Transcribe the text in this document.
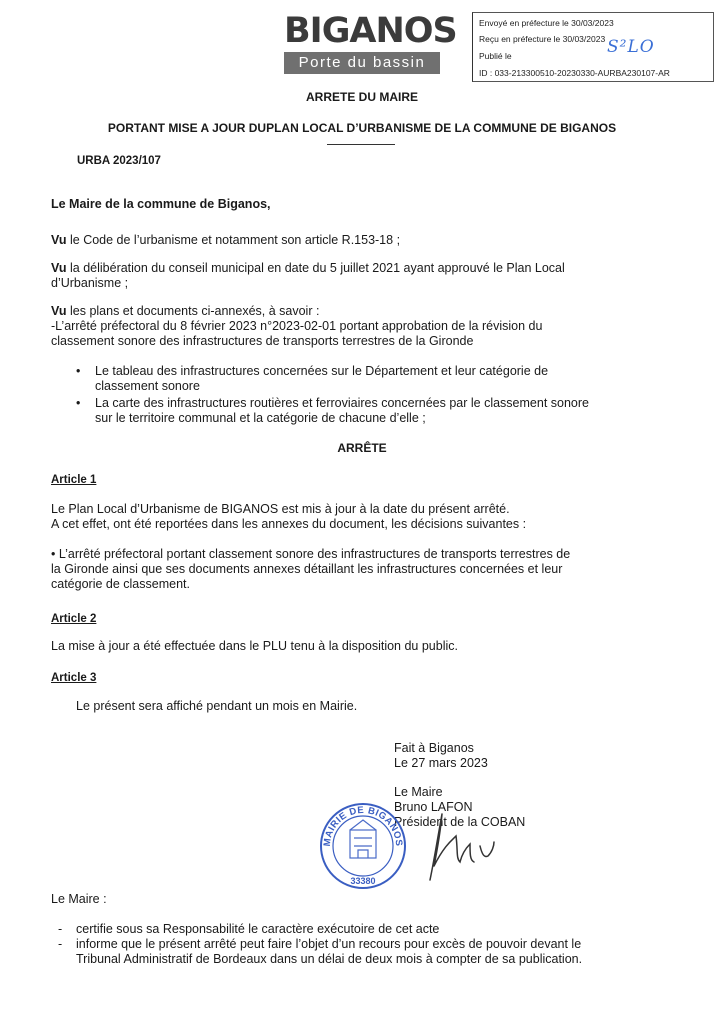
BIGANOS
Porte du bassin
Envoyé en préfecture le 30/03/2023
Reçu en préfecture le 30/03/2023
Publié le
ID : 033-213300510-20230330-AURBA230107-AR
S²LO
ARRETE DU MAIRE
PORTANT MISE A JOUR DUPLAN LOCAL D’URBANISME DE LA COMMUNE DE BIGANOS
URBA 2023/107
Le Maire de la commune de Biganos,
Vu le Code de l’urbanisme et notamment son article R.153-18 ;
Vu la délibération du conseil municipal en date du 5 juillet 2021 ayant approuvé le Plan Local
d’Urbanisme ;
Vu les plans et documents ci-annexés, à savoir :
-L’arrêté préfectoral du 8 février 2023 n°2023-02-01 portant approbation de la révision du
classement sonore des infrastructures de transports terrestres de la Gironde
• Le tableau des infrastructures concernées sur le Département et leur catégorie de
classement sonore
• La carte des infrastructures routières et ferroviaires concernées par le classement sonore
sur le territoire communal et la catégorie de chacune d’elle ;
ARRÊTE
Article 1
Le Plan Local d’Urbanisme de BIGANOS est mis à jour à la date du présent arrêté.
A cet effet, ont été reportées dans les annexes du document, les décisions suivantes :
• L’arrêté préfectoral portant classement sonore des infrastructures de transports terrestres de
la Gironde ainsi que ses documents annexes détaillant les infrastructures concernées et leur
catégorie de classement.
Article 2
La mise à jour a été effectuée dans le PLU tenu à la disposition du public.
Article 3
Le présent sera affiché pendant un mois en Mairie.
Fait à Biganos
Le 27 mars 2023
Le Maire
Bruno LAFON
Président de la COBAN
MAIRIE DE BIGANOS
33380
Le Maire :
- certifie sous sa Responsabilité le caractère exécutoire de cet acte
- informe que le présent arrêté peut faire l’objet d’un recours pour excès de pouvoir devant le
Tribunal Administratif de Bordeaux dans un délai de deux mois à compter de sa publication.
